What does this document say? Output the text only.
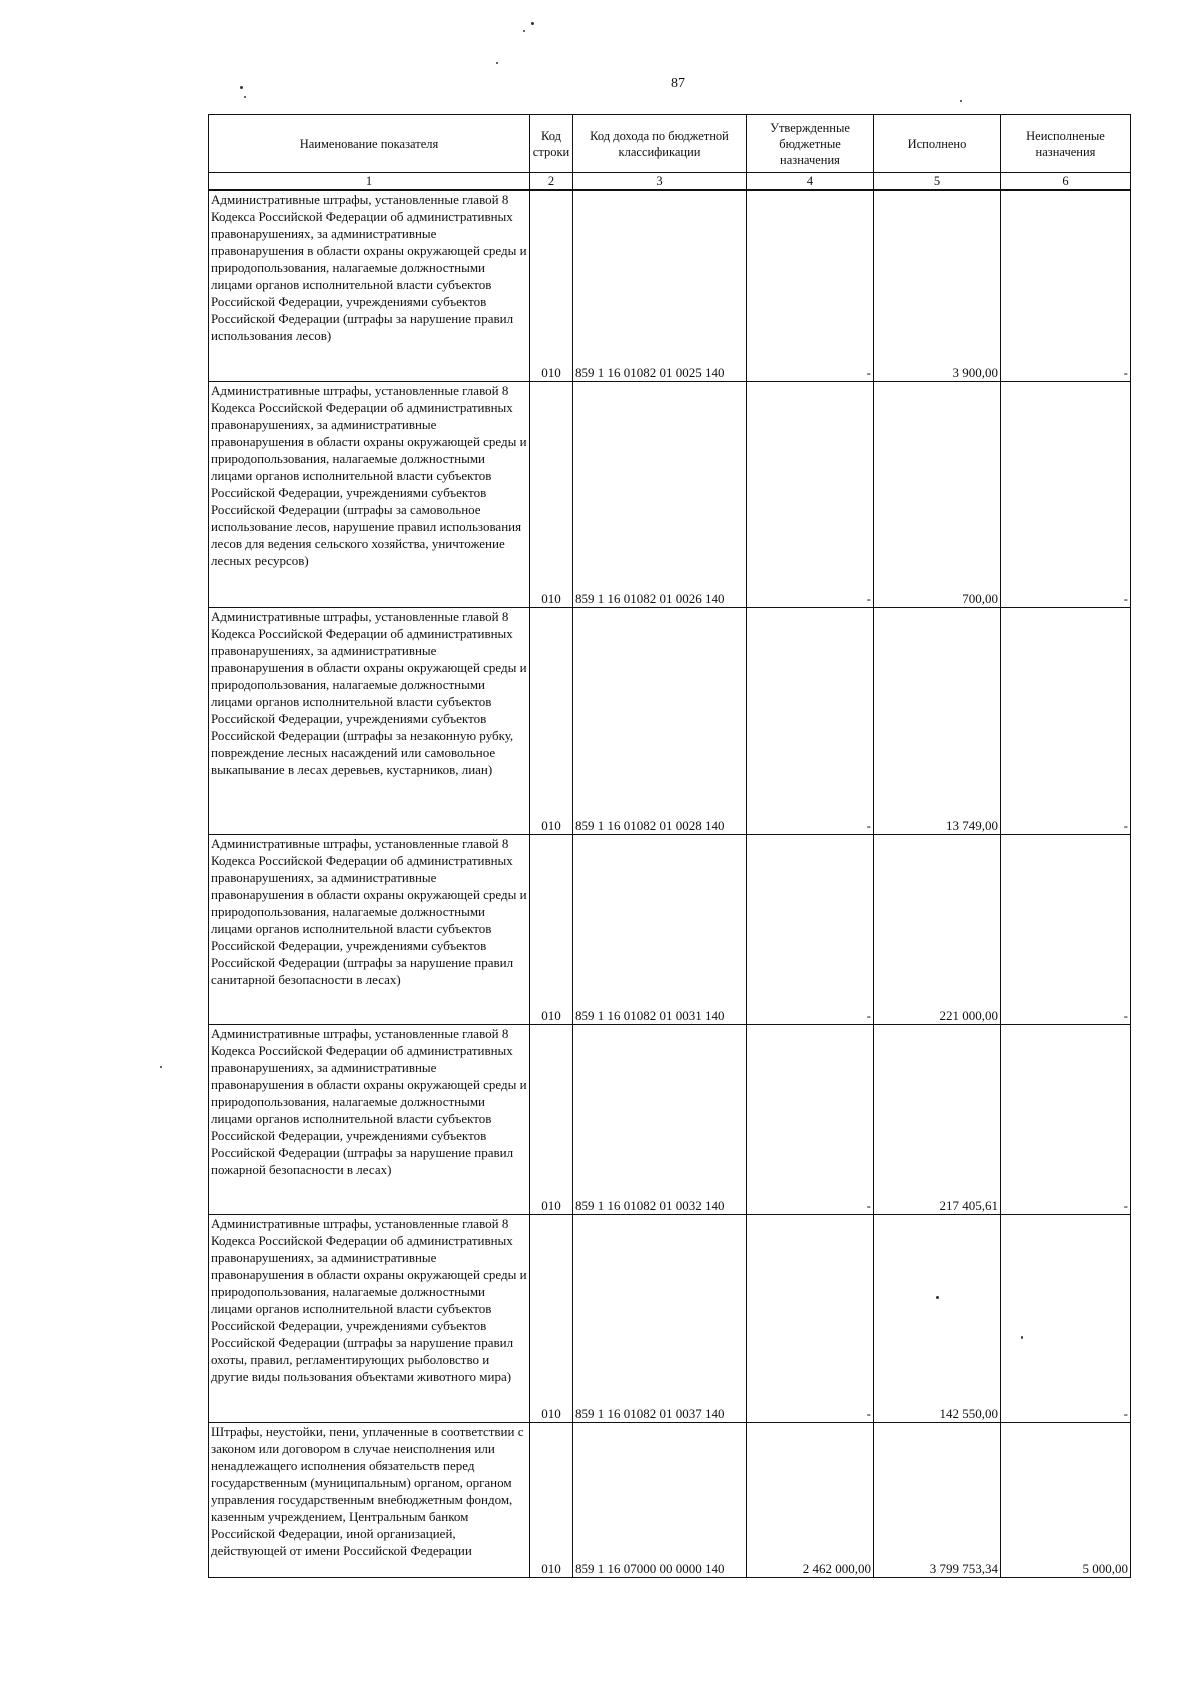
87
Наименование показателя	Код строки	Код дохода по бюджетной классификации	Утвержденные бюджетные назначения	Исполнено	Неисполненые назначения
1	2	3	4	5	6
Административные штрафы, установленные главой 8 Кодекса Российской Федерации об административных правонарушениях, за административные правонарушения в области охраны окружающей среды и природопользования, налагаемые должностными лицами органов исполнительной власти субъектов Российской Федерации, учреждениями субъектов Российской Федерации (штрафы за нарушение правил использования лесов)	010	859 1 16 01082 01 0025 140	-	3 900,00	-
Административные штрафы, установленные главой 8 Кодекса Российской Федерации об административных правонарушениях, за административные правонарушения в области охраны окружающей среды и природопользования, налагаемые должностными лицами органов исполнительной власти субъектов Российской Федерации, учреждениями субъектов Российской Федерации (штрафы за самовольное использование лесов, нарушение правил использования лесов для ведения сельского хозяйства, уничтожение лесных ресурсов)	010	859 1 16 01082 01 0026 140	-	700,00	-
Административные штрафы, установленные главой 8 Кодекса Российской Федерации об административных правонарушениях, за административные правонарушения в области охраны окружающей среды и природопользования, налагаемые должностными лицами органов исполнительной власти субъектов Российской Федерации, учреждениями субъектов Российской Федерации (штрафы за незаконную рубку, повреждение лесных насаждений или самовольное выкапывание в лесах деревьев, кустарников, лиан)	010	859 1 16 01082 01 0028 140	-	13 749,00	-
Административные штрафы, установленные главой 8 Кодекса Российской Федерации об административных правонарушениях, за административные правонарушения в области охраны окружающей среды и природопользования, налагаемые должностными лицами органов исполнительной власти субъектов Российской Федерации, учреждениями субъектов Российской Федерации (штрафы за нарушение правил санитарной безопасности в лесах)	010	859 1 16 01082 01 0031 140	-	221 000,00	-
Административные штрафы, установленные главой 8 Кодекса Российской Федерации об административных правонарушениях, за административные правонарушения в области охраны окружающей среды и природопользования, налагаемые должностными лицами органов исполнительной власти субъектов Российской Федерации, учреждениями субъектов Российской Федерации (штрафы за нарушение правил пожарной безопасности в лесах)	010	859 1 16 01082 01 0032 140	-	217 405,61	-
Административные штрафы, установленные главой 8 Кодекса Российской Федерации об административных правонарушениях, за административные правонарушения в области охраны окружающей среды и природопользования, налагаемые должностными лицами органов исполнительной власти субъектов Российской Федерации, учреждениями субъектов Российской Федерации (штрафы за нарушение правил охоты, правил, регламентирующих рыболовство и другие виды пользования объектами животного мира)	010	859 1 16 01082 01 0037 140	-	142 550,00	-
Штрафы, неустойки, пени, уплаченные в соответствии с законом или договором в случае неисполнения или ненадлежащего исполнения обязательств перед государственным (муниципальным) органом, органом управления государственным внебюджетным фондом, казенным учреждением, Центральным банком Российской Федерации, иной организацией, действующей от имени Российской Федерации	010	859 1 16 07000 00 0000 140	2 462 000,00	3 799 753,34	5 000,00
